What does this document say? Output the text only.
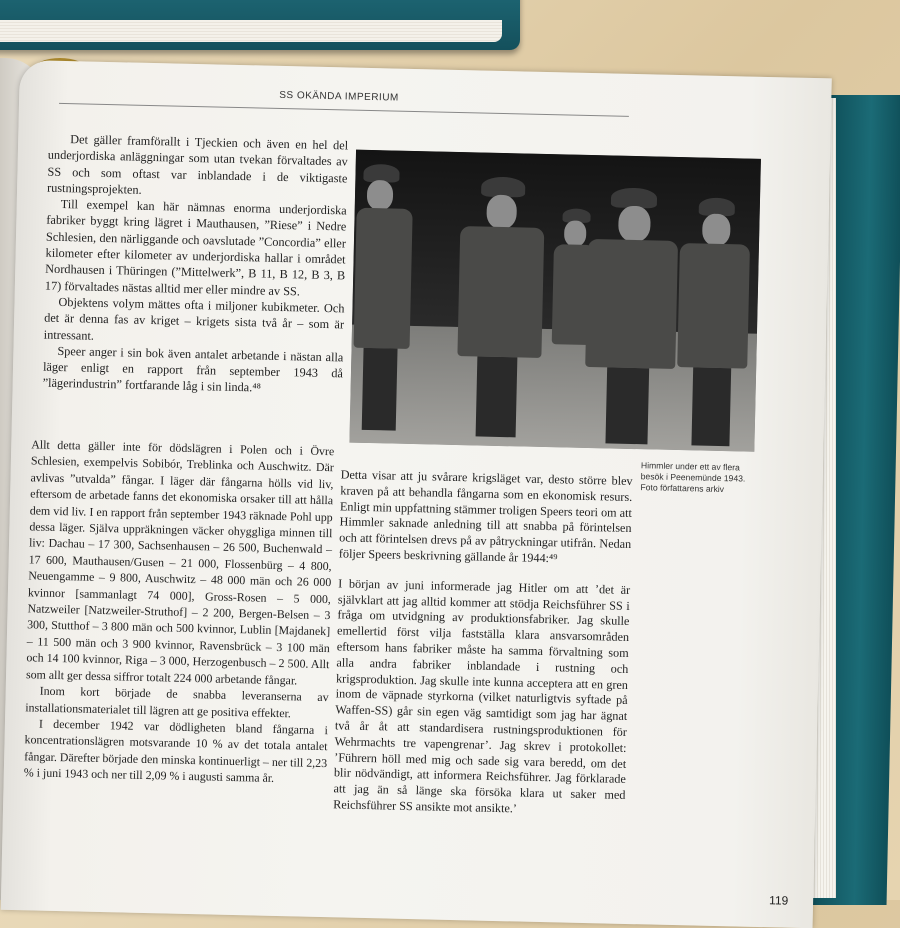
SS OKÄNDA IMPERIUM

Det gäller framförallt i Tjeckien och även en hel del underjordiska anläggningar som utan tvekan förvaltades av SS och som oftast var inblandade i de viktigaste rustningsprojekten.

Till exempel kan här nämnas enorma underjordiska fabriker byggt kring lägret i Mauthausen, ”Riese” i Nedre Schlesien, den närliggande och oavslutade ”Concordia” eller kilometer efter kilometer av underjordiska hallar i området Nordhausen i Thüringen (”Mittelwerk”, B 11, B 12, B 3, B 17) förvaltades nästas alltid mer eller mindre av SS.

Objektens volym mättes ofta i miljoner kubikmeter. Och det är denna fas av kriget – krigets sista två år – som är intressant.

Speer anger i sin bok även antalet arbetande i nästan alla läger enligt en rapport från september 1943 då ”lägerindustrin” fortfarande låg i sin linda.⁴⁸

Himmler under ett av flera besök i Peenemünde 1943. Foto författarens arkiv

Allt detta gäller inte för dödslägren i Polen och i Övre Schlesien, exempelvis Sobibór, Treblinka och Auschwitz. Där avlivas ”utvalda” fångar. I läger där fångarna hölls vid liv, eftersom de arbetade fanns det ekonomiska orsaker till att hålla dem vid liv. I en rapport från september 1943 räknade Pohl upp dessa läger. Själva uppräkningen väcker ohyggliga minnen till liv: Dachau – 17 300, Sachsenhausen – 26 500, Buchenwald – 17 600, Mauthausen/Gusen – 21 000, Flossenbürg – 4 800, Neuengamme – 9 800, Auschwitz – 48 000 män och 26 000 kvinnor [sammanlagt 74 000], Gross-Rosen – 5 000, Natzweiler [Natzweiler-Struthof] – 2 200, Bergen-Belsen – 3 300, Stutthof – 3 800 män och 500 kvinnor, Lublin [Majdanek] – 11 500 män och 3 900 kvinnor, Ravensbrück – 3 100 män och 14 100 kvinnor, Riga – 3 000, Herzogenbusch – 2 500. Allt som allt ger dessa siffror totalt 224 000 arbetande fångar.

Inom kort började de snabba leveranserna av installationsmaterialet till lägren att ge positiva effekter.

I december 1942 var dödligheten bland fångarna i koncentrationslägren motsvarande 10 % av det totala antalet fångar. Därefter började den minska kontinuerligt – ner till 2,23 % i juni 1943 och ner till 2,09 % i augusti samma år.

Detta visar att ju svårare krigsläget var, desto större blev kraven på att behandla fångarna som en ekonomisk resurs. Enligt min uppfattning stämmer troligen Speers teori om att Himmler saknade anledning till att snabba på förintelsen och att förintelsen drevs på av påtryckningar utifrån. Nedan följer Speers beskrivning gällande år 1944:⁴⁹

I början av juni informerade jag Hitler om att ’det är självklart att jag alltid kommer att stödja Reichsführer SS i fråga om utvidgning av produktionsfabriker. Jag skulle emellertid först vilja fastställa klara ansvarsområden eftersom hans fabriker måste ha samma förvaltning som alla andra fabriker inblandade i rustning och krigsproduktion. Jag skulle inte kunna acceptera att en gren inom de väpnade styrkorna (vilket naturligtvis syftade på Waffen-SS) går sin egen väg samtidigt som jag har ägnat två år åt att standardisera rustningsproduktionen för Wehrmachts tre vapengrenar’. Jag skrev i protokollet: ’Führern höll med mig och sade sig vara beredd, om det blir nödvändigt, att informera Reichsführer. Jag förklarade att jag än så länge ska försöka klara ut saker med Reichsführer SS ansikte mot ansikte.’

119
